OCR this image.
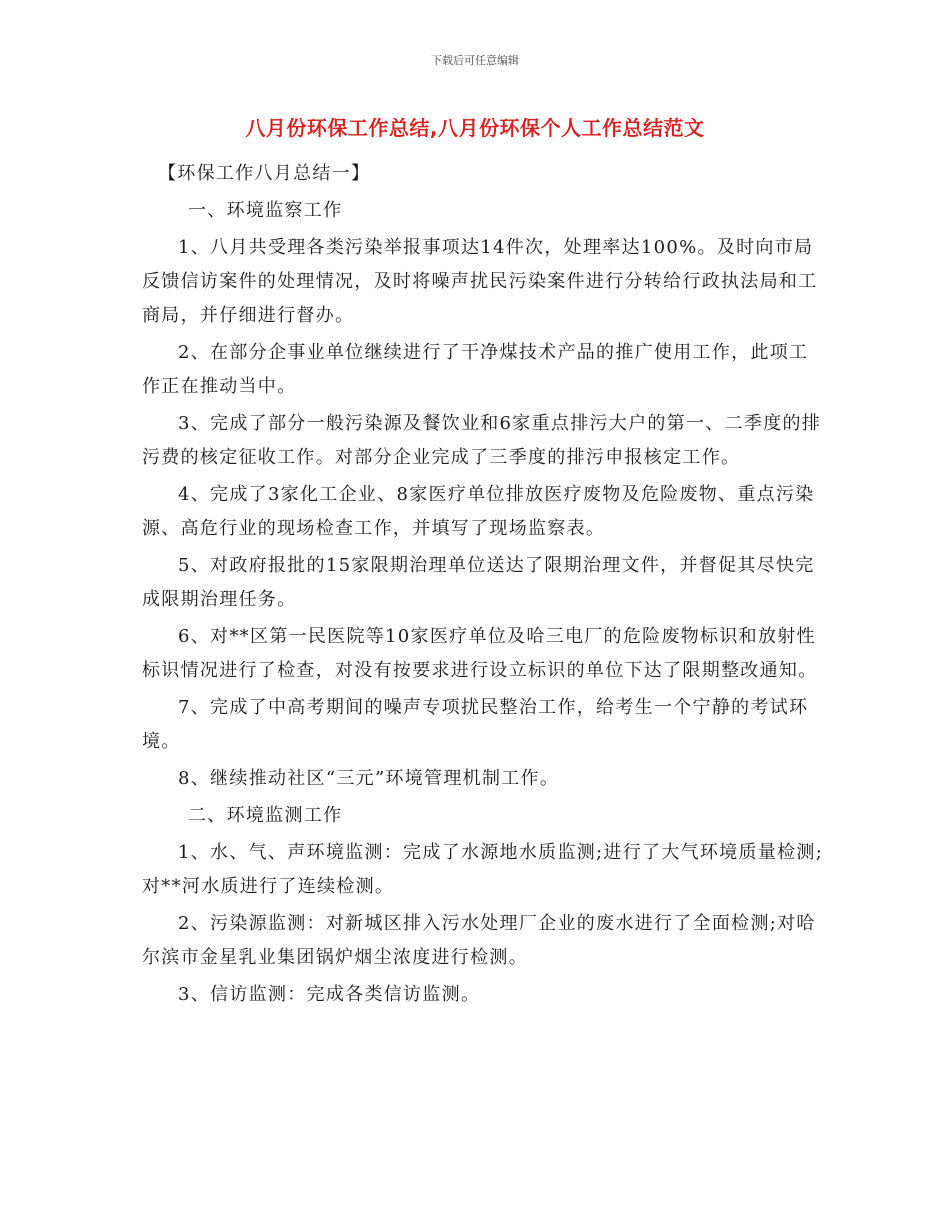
下载后可任意编辑
八月份环保工作总结,八月份环保个人工作总结范文
【环保工作八月总结一】
一、环境监察工作

1、八月共受理各类污染举报事项达14件次，处理率达100%。及时向市局反馈信访案件的处理情况，及时将噪声扰民污染案件进行分转给行政执法局和工商局，并仔细进行督办。

2、在部分企事业单位继续进行了干净煤技术产品的推广使用工作，此项工作正在推动当中。

3、完成了部分一般污染源及餐饮业和6家重点排污大户的第一、二季度的排污费的核定征收工作。对部分企业完成了三季度的排污申报核定工作。

4、完成了3家化工企业、8家医疗单位排放医疗废物及危险废物、重点污染源、高危行业的现场检查工作，并填写了现场监察表。

5、对政府报批的15家限期治理单位送达了限期治理文件，并督促其尽快完成限期治理任务。

6、对**区第一民医院等10家医疗单位及哈三电厂的危险废物标识和放射性标识情况进行了检查，对没有按要求进行设立标识的单位下达了限期整改通知。

7、完成了中高考期间的噪声专项扰民整治工作，给考生一个宁静的考试环境。

8、继续推动社区“三元”环境管理机制工作。

二、环境监测工作

1、水、气、声环境监测：完成了水源地水质监测;进行了大气环境质量检测;对**河水质进行了连续检测。

2、污染源监测：对新城区排入污水处理厂企业的废水进行了全面检测;对哈尔滨市金星乳业集团锅炉烟尘浓度进行检测。

3、信访监测：完成各类信访监测。
